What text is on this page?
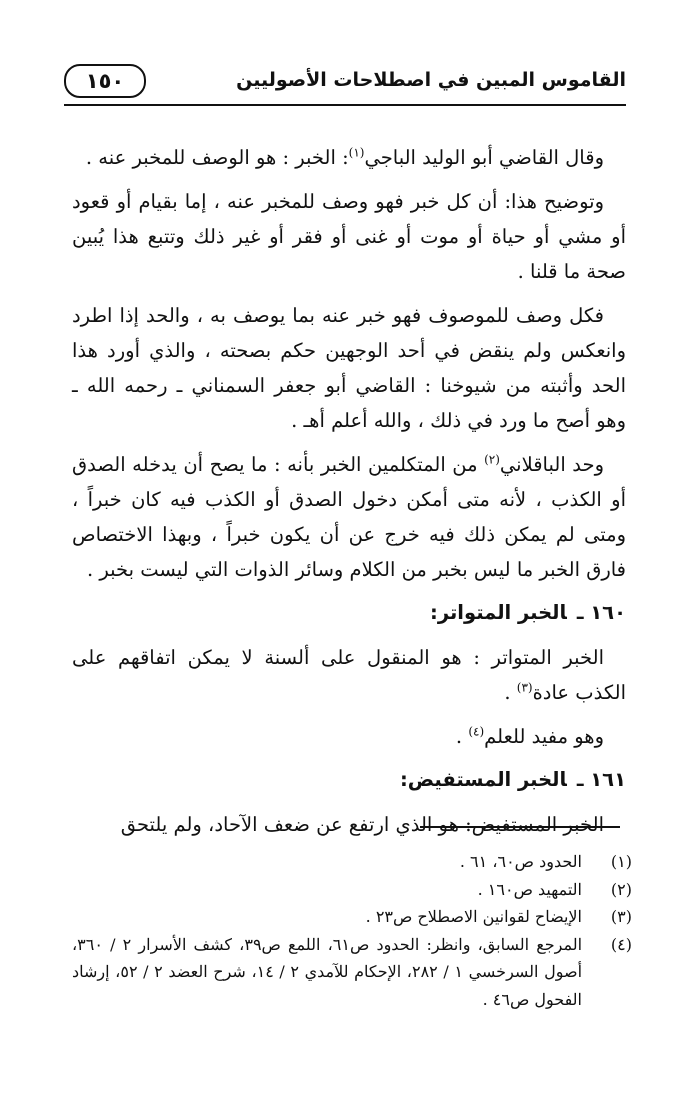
١٥٠	القاموس المبين في اصطلاحات الأصوليين

وقال القاضي أبو الوليد الباجي$^{(١)}$: الخبر : هو الوصف للمخبر عنه .

وتوضيح هذا: أن كل خبر فهو وصف للمخبر عنه ، إما بقيام أو قعود أو مشي أو حياة أو موت أو غنى أو فقر أو غير ذلك وتتبع هذا يُبين صحة ما قلنا .

فكل وصف للموصوف فهو خبر عنه بما يوصف به ، والحد إذا اطرد وانعكس ولم ينقض في أحد الوجهين حكم بصحته ، والذي أورد هذا الحد وأثبته من شيوخنا : القاضي أبو جعفر السمناني ـ رحمه الله ـ وهو أصح ما ورد في ذلك ، والله أعلم أهـ .

وحد الباقلاني$^{(٢)}$ من المتكلمين الخبر بأنه : ما يصح أن يدخله الصدق أو الكذب ، لأنه متى أمكن دخول الصدق أو الكذب فيه كان خبراً ، ومتى لم يمكن ذلك فيه خرج عن أن يكون خبراً ، وبهذا الاختصاص فارق الخبر ما ليس بخبر من الكلام وسائر الذوات التي ليست بخبر .

١٦٠ ـالخبر المتواتر:

الخبر المتواتر : هو المنقول على ألسنة لا يمكن اتفاقهم على الكذب عادة$^{(٣)}$ .

وهو مفيد للعلم$^{(٤)}$ .

١٦١ ـالخبر المستفيض:

الخبر المستفيض: هو الذي ارتفع عن ضعف الآحاد، ولم يلتحق

(١)
الحدود ص٦٠، ٦١ .
(٢)
التمهيد ص١٦٠ .
(٣)
الإيضاح لقوانين الاصطلاح ص٢٣ .
(٤)
المرجع السابق، وانظر: الحدود ص٦١، اللمع ص٣٩، كشف الأسرار ٢ / ٣٦٠، أصول السرخسي ١ / ٢٨٢، الإحكام للآمدي ٢ / ١٤، شرح العضد ٢ / ٥٢، إرشاد الفحول ص٤٦ .
